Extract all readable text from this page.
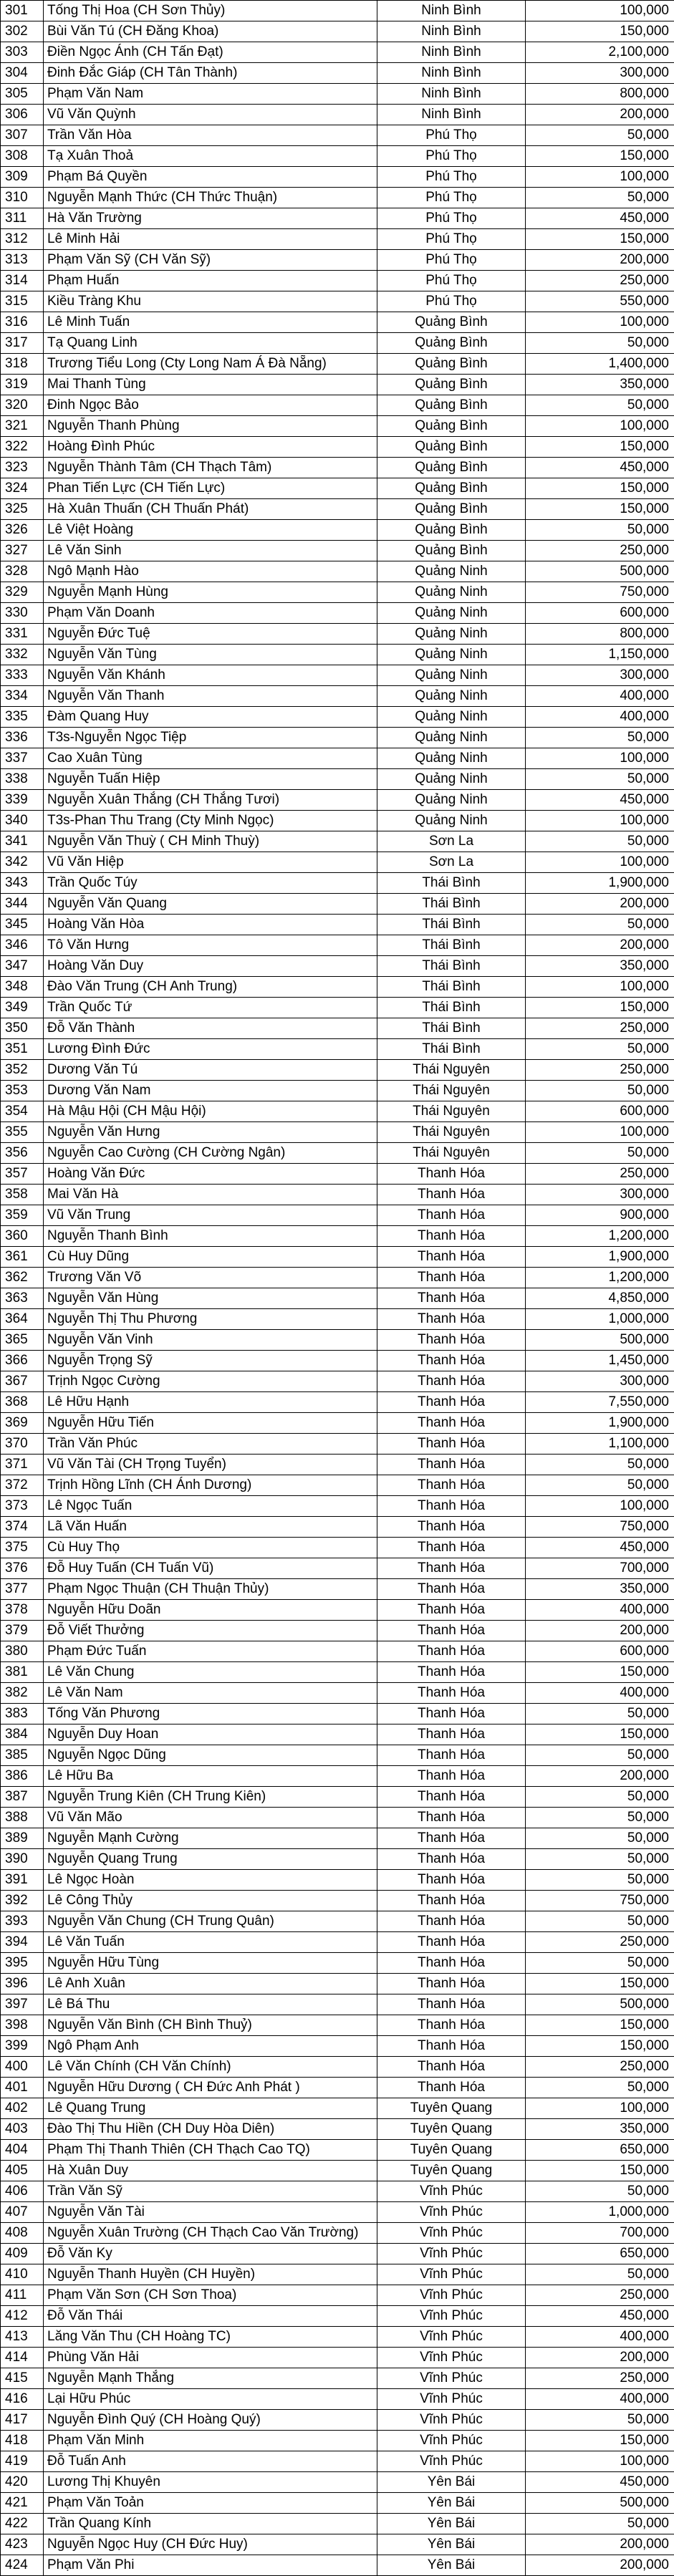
301	Tống Thị Hoa (CH Sơn Thủy)	Ninh Bình	100,000
302	Bùi Văn Tú (CH Đăng Khoa)	Ninh Bình	150,000
303	Điền Ngọc Ánh (CH Tấn Đạt)	Ninh Bình	2,100,000
304	Đinh Đắc Giáp (CH Tân Thành)	Ninh Bình	300,000
305	Phạm Văn Nam	Ninh Bình	800,000
306	Vũ Văn Quỳnh	Ninh Bình	200,000
307	Trần Văn Hòa	Phú Thọ	50,000
308	Tạ Xuân Thoả	Phú Thọ	150,000
309	Phạm Bá Quyền	Phú Thọ	100,000
310	Nguyễn Mạnh Thức (CH Thức Thuận)	Phú Thọ	50,000
311	Hà Văn Trường	Phú Thọ	450,000
312	Lê Minh Hải	Phú Thọ	150,000
313	Phạm Văn Sỹ (CH Văn Sỹ)	Phú Thọ	200,000
314	Phạm Huấn	Phú Thọ	250,000
315	Kiều Tràng Khu	Phú Thọ	550,000
316	Lê Minh Tuấn	Quảng Bình	100,000
317	Tạ Quang Linh	Quảng Bình	50,000
318	Trương Tiểu Long (Cty Long Nam Á Đà Nẵng)	Quảng Bình	1,400,000
319	Mai Thanh Tùng	Quảng Bình	350,000
320	Đinh Ngọc Bảo	Quảng Bình	50,000
321	Nguyễn Thanh Phùng	Quảng Bình	100,000
322	Hoàng Đình Phúc	Quảng Bình	150,000
323	Nguyễn Thành Tâm (CH Thạch Tâm)	Quảng Bình	450,000
324	Phan Tiến Lực (CH Tiến Lực)	Quảng Bình	150,000
325	Hà Xuân Thuấn (CH Thuấn Phát)	Quảng Bình	150,000
326	Lê Việt Hoàng	Quảng Bình	50,000
327	Lê Văn Sinh	Quảng Bình	250,000
328	Ngô Mạnh Hào	Quảng Ninh	500,000
329	Nguyễn Mạnh Hùng	Quảng Ninh	750,000
330	Phạm Văn Doanh	Quảng Ninh	600,000
331	Nguyễn Đức Tuệ	Quảng Ninh	800,000
332	Nguyễn Văn Tùng	Quảng Ninh	1,150,000
333	Nguyễn Văn Khánh	Quảng Ninh	300,000
334	Nguyễn Văn Thanh	Quảng Ninh	400,000
335	Đàm Quang Huy	Quảng Ninh	400,000
336	T3s-Nguyễn Ngọc Tiệp	Quảng Ninh	50,000
337	Cao Xuân Tùng	Quảng Ninh	100,000
338	Nguyễn Tuấn Hiệp	Quảng Ninh	50,000
339	Nguyễn Xuân Thắng (CH Thắng Tươi)	Quảng Ninh	450,000
340	T3s-Phan Thu Trang (Cty Minh Ngọc)	Quảng Ninh	100,000
341	Nguyễn Văn Thuỳ ( CH Minh Thuỳ)	Sơn La	50,000
342	Vũ Văn Hiệp	Sơn La	100,000
343	Trần Quốc Túy	Thái Bình	1,900,000
344	Nguyễn Văn Quang	Thái Bình	200,000
345	Hoàng Văn Hòa	Thái Bình	50,000
346	Tô Văn Hưng	Thái Bình	200,000
347	Hoàng Văn Duy	Thái Bình	350,000
348	Đào Văn Trung (CH Anh Trung)	Thái Bình	100,000
349	Trần Quốc Tứ	Thái Bình	150,000
350	Đỗ Văn Thành	Thái Bình	250,000
351	Lương Đình Đức	Thái Bình	50,000
352	Dương Văn Tú	Thái Nguyên	250,000
353	Dương Văn Nam	Thái Nguyên	50,000
354	Hà Mậu Hội (CH Mậu Hội)	Thái Nguyên	600,000
355	Nguyễn Văn Hưng	Thái Nguyên	100,000
356	Nguyễn Cao Cường (CH Cường Ngân)	Thái Nguyên	50,000
357	Hoàng Văn Đức	Thanh Hóa	250,000
358	Mai Văn Hà	Thanh Hóa	300,000
359	Vũ Văn Trung	Thanh Hóa	900,000
360	Nguyễn Thanh Bình	Thanh Hóa	1,200,000
361	Cù Huy Dũng	Thanh Hóa	1,900,000
362	Trương Văn Võ	Thanh Hóa	1,200,000
363	Nguyễn Văn Hùng	Thanh Hóa	4,850,000
364	Nguyễn Thị Thu Phương	Thanh Hóa	1,000,000
365	Nguyễn Văn Vinh	Thanh Hóa	500,000
366	Nguyễn Trọng Sỹ	Thanh Hóa	1,450,000
367	Trịnh Ngọc Cường	Thanh Hóa	300,000
368	Lê Hữu Hạnh	Thanh Hóa	7,550,000
369	Nguyễn Hữu Tiến	Thanh Hóa	1,900,000
370	Trần Văn Phúc	Thanh Hóa	1,100,000
371	Vũ Văn Tài (CH Trọng Tuyển)	Thanh Hóa	50,000
372	Trịnh Hồng Lĩnh (CH Ánh Dương)	Thanh Hóa	50,000
373	Lê Ngọc Tuấn	Thanh Hóa	100,000
374	Lã Văn Huấn	Thanh Hóa	750,000
375	Cù Huy Thọ	Thanh Hóa	450,000
376	Đỗ Huy Tuấn (CH Tuấn Vũ)	Thanh Hóa	700,000
377	Phạm Ngọc Thuận (CH Thuận Thủy)	Thanh Hóa	350,000
378	Nguyễn Hữu Doãn	Thanh Hóa	400,000
379	Đỗ Viết Thưởng	Thanh Hóa	200,000
380	Phạm Đức Tuấn	Thanh Hóa	600,000
381	Lê Văn Chung	Thanh Hóa	150,000
382	Lê Văn Nam	Thanh Hóa	400,000
383	Tống Văn Phương	Thanh Hóa	50,000
384	Nguyễn Duy Hoan	Thanh Hóa	150,000
385	Nguyễn Ngọc Dũng	Thanh Hóa	50,000
386	Lê Hữu Ba	Thanh Hóa	200,000
387	Nguyễn Trung Kiên (CH Trung Kiên)	Thanh Hóa	50,000
388	Vũ Văn Mão	Thanh Hóa	50,000
389	Nguyễn Mạnh Cường	Thanh Hóa	50,000
390	Nguyễn Quang Trung	Thanh Hóa	50,000
391	Lê Ngọc Hoàn	Thanh Hóa	50,000
392	Lê Công Thủy	Thanh Hóa	750,000
393	Nguyễn Văn Chung (CH Trung Quân)	Thanh Hóa	50,000
394	Lê Văn Tuấn	Thanh Hóa	250,000
395	Nguyễn Hữu Tùng	Thanh Hóa	50,000
396	Lê Anh Xuân	Thanh Hóa	150,000
397	Lê Bá Thu	Thanh Hóa	500,000
398	Nguyễn Văn Bình (CH Bình Thuỷ)	Thanh Hóa	150,000
399	Ngô Phạm Anh	Thanh Hóa	150,000
400	Lê Văn Chính (CH Văn Chính)	Thanh Hóa	250,000
401	Nguyễn Hữu Dương ( CH Đức Anh Phát )	Thanh Hóa	50,000
402	Lê Quang Trung	Tuyên Quang	100,000
403	Đào Thị Thu Hiền (CH Duy Hòa Diên)	Tuyên Quang	350,000
404	Phạm Thị Thanh Thiên (CH Thạch Cao TQ)	Tuyên Quang	650,000
405	Hà Xuân Duy	Tuyên Quang	150,000
406	Trần Văn Sỹ	Vĩnh Phúc	50,000
407	Nguyễn Văn Tài	Vĩnh Phúc	1,000,000
408	Nguyễn Xuân Trường (CH Thạch Cao Văn Trường)	Vĩnh Phúc	700,000
409	Đỗ Văn Ky	Vĩnh Phúc	650,000
410	Nguyễn Thanh Huyền (CH Huyền)	Vĩnh Phúc	50,000
411	Phạm Văn Sơn (CH Sơn Thoa)	Vĩnh Phúc	250,000
412	Đỗ Văn Thái	Vĩnh Phúc	450,000
413	Lăng Văn Thu (CH Hoàng TC)	Vĩnh Phúc	400,000
414	Phùng Văn Hải	Vĩnh Phúc	200,000
415	Nguyễn Mạnh Thắng	Vĩnh Phúc	250,000
416	Lại Hữu Phúc	Vĩnh Phúc	400,000
417	Nguyễn Đình Quý (CH Hoàng Quý)	Vĩnh Phúc	50,000
418	Phạm Văn Minh	Vĩnh Phúc	150,000
419	Đỗ Tuấn Anh	Vĩnh Phúc	100,000
420	Lương Thị Khuyên	Yên Bái	450,000
421	Phạm Văn Toản	Yên Bái	500,000
422	Trần Quang Kính	Yên Bái	50,000
423	Nguyễn Ngọc Huy (CH Đức Huy)	Yên Bái	200,000
424	Phạm Văn Phi	Yên Bái	200,000
